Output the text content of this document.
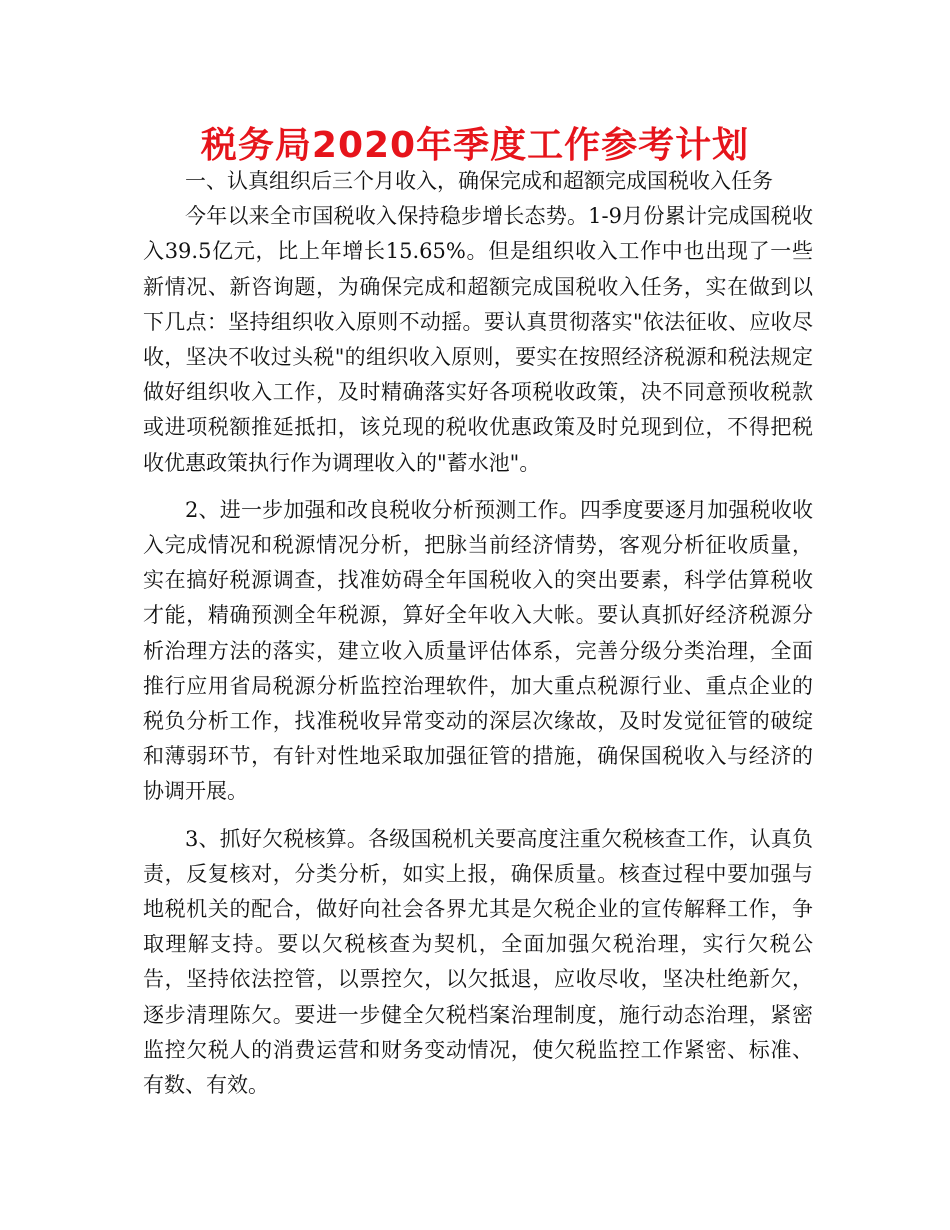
税务局2020年季度工作参考计划

一、认真组织后三个月收入，确保完成和超额完成国税收入任务

今年以来全市国税收入保持稳步增长态势。1-9月份累计完成国税收入39.5亿元，比上年增长15.65%。但是组织收入工作中也出现了一些新情况、新咨询题，为确保完成和超额完成国税收入任务，实在做到以下几点：坚持组织收入原则不动摇。要认真贯彻落实"依法征收、应收尽收，坚决不收过头税"的组织收入原则，要实在按照经济税源和税法规定做好组织收入工作，及时精确落实好各项税收政策，决不同意预收税款或进项税额推延抵扣，该兑现的税收优惠政策及时兑现到位，不得把税收优惠政策执行作为调理收入的"蓄水池"。

2、进一步加强和改良税收分析预测工作。四季度要逐月加强税收收入完成情况和税源情况分析，把脉当前经济情势，客观分析征收质量，实在搞好税源调查，找准妨碍全年国税收入的突出要素，科学估算税收才能，精确预测全年税源，算好全年收入大帐。要认真抓好经济税源分析治理方法的落实，建立收入质量评估体系，完善分级分类治理，全面推行应用省局税源分析监控治理软件，加大重点税源行业、重点企业的税负分析工作，找准税收异常变动的深层次缘故，及时发觉征管的破绽和薄弱环节，有针对性地采取加强征管的措施，确保国税收入与经济的协调开展。

3、抓好欠税核算。各级国税机关要高度注重欠税核查工作，认真负责，反复核对，分类分析，如实上报，确保质量。核查过程中要加强与地税机关的配合，做好向社会各界尤其是欠税企业的宣传解释工作，争取理解支持。要以欠税核查为契机，全面加强欠税治理，实行欠税公告，坚持依法控管，以票控欠，以欠抵退，应收尽收，坚决杜绝新欠，逐步清理陈欠。要进一步健全欠税档案治理制度，施行动态治理，紧密监控欠税人的消费运营和财务变动情况，使欠税监控工作紧密、标准、有数、有效。
